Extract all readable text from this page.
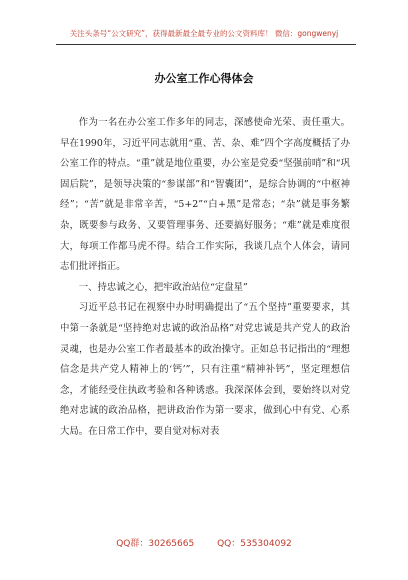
关注头条号“公文研究”，获得最新最全最专业的公文资料库！ 微信：gongwenyj
办公室工作心得体会

作为一名在办公室工作多年的同志，深感使命光荣、责任重大。早在1990年，习近平同志就用“重、苦、杂、难”四个字高度概括了办公室工作的特点。“重”就是地位重要，办公室是党委“坚强前哨”和“巩固后院”，是领导决策的“参谋部”和“智囊团”，是综合协调的“中枢神经”；“苦”就是非常辛苦，“5+2”“白+黑”是常态；“杂”就是事务繁杂，既要参与政务、又要管理事务、还要搞好服务；“难”就是难度很大，每项工作都马虎不得。结合工作实际，我谈几点个人体会，请同志们批评指正。

一、持忠诚之心，把牢政治站位“定盘星”

习近平总书记在视察中办时明确提出了“五个坚持”重要要求，其中第一条就是“坚持绝对忠诚的政治品格”对党忠诚是共产党人的政治灵魂，也是办公室工作者最基本的政治操守。正如总书记指出的“理想信念是共产党人精神上的‘钙’”，只有注重“精神补钙”，坚定理想信念，才能经受住执政考验和各种诱惑。我深深体会到，要始终以对党绝对忠诚的政治品格，把讲政治作为第一要求，做到心中有党、心系大局。在日常工作中，要自觉对标对表

QQ群：30265665	QQ：535304092
